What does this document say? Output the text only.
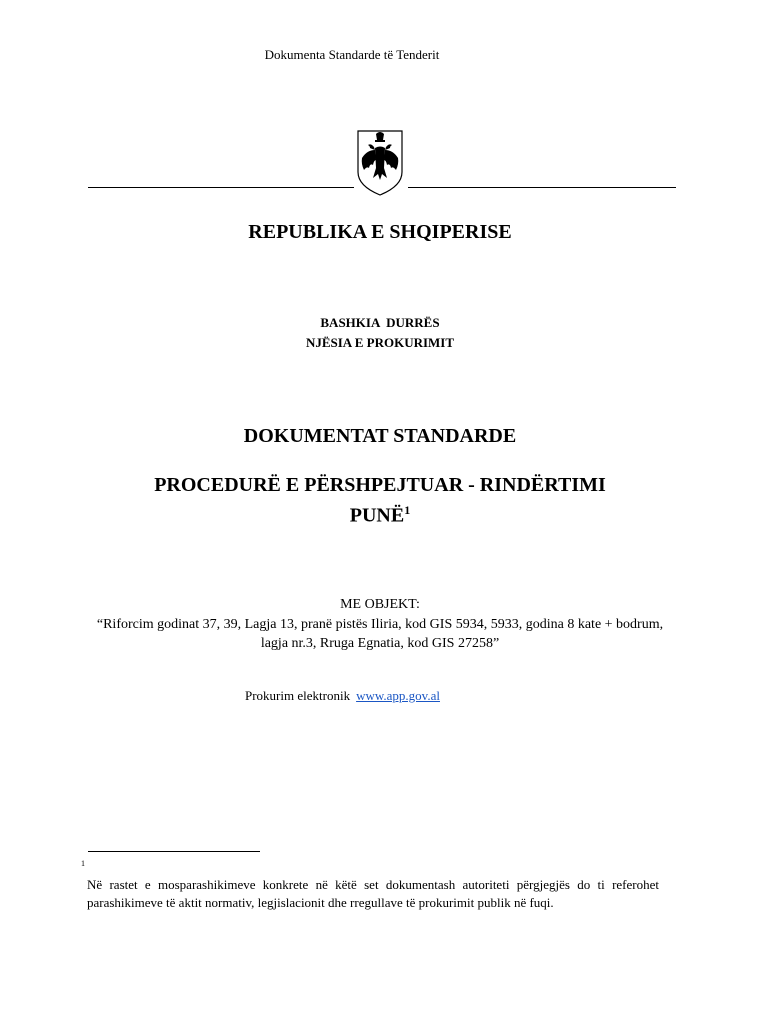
Dokumenta Standarde të Tenderit
REPUBLIKA E SHQIPERISE
BASHKIA  DURRËS
NJËSIA E PROKURIMIT
DOKUMENTAT STANDARDE
PROCEDURË E PËRSHPEJTUAR - RINDËRTIMI
PUNË$^1$
ME OBJEKT:
“Riforcim godinat 37, 39, Lagja 13, pranë pistës Iliria, kod GIS 5934, 5933, godina 8 kate + bodrum, lagja nr.3, Rruga Egnatia, kod GIS 27258”
Prokurim elektronik www.app.gov.al
1
Në rastet e mosparashikimeve konkrete në këtë set dokumentash autoriteti përgjegjës do ti referohet parashikimeve të aktit normativ, legjislacionit dhe rregullave të prokurimit publik në fuqi.
